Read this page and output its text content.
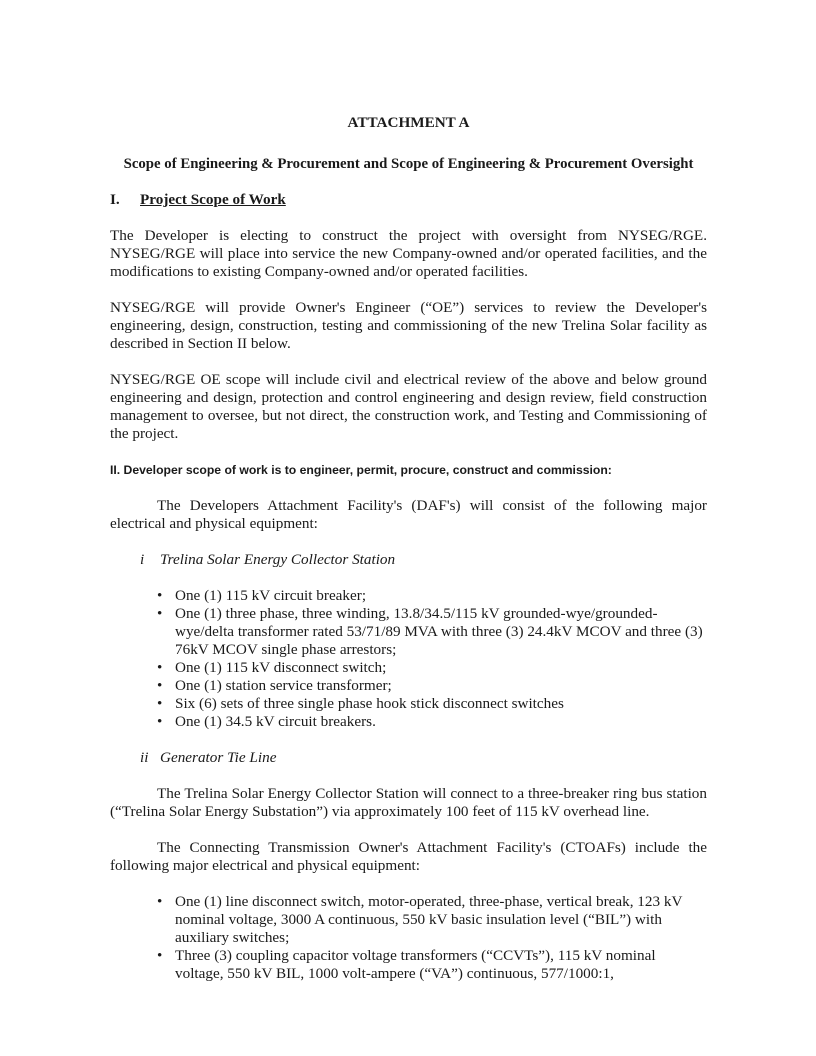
ATTACHMENT A
Scope of Engineering & Procurement and Scope of Engineering & Procurement Oversight
I. Project Scope of Work

The Developer is electing to construct the project with oversight from NYSEG/RGE. NYSEG/RGE will place into service the new Company-owned and/or operated facilities, and the modifications to existing Company-owned and/or operated facilities.

NYSEG/RGE will provide Owner's Engineer (“OE”) services to review the Developer's engineering, design, construction, testing and commissioning of the new Trelina Solar facility as described in Section II below.

NYSEG/RGE OE scope will include civil and electrical review of the above and below ground engineering and design, protection and control engineering and design review, field construction management to oversee, but not direct, the construction work, and Testing and Commissioning of the project.

II. Developer scope of work is to engineer, permit, procure, construct and commission:

The Developers Attachment Facility's (DAF's) will consist of the following major electrical and physical equipment:

i Trelina Solar Energy Collector Station
• One (1) 115 kV circuit breaker;
• One (1) three phase, three winding, 13.8/34.5/115 kV grounded-wye/grounded-wye/delta transformer rated 53/71/89 MVA with three (3) 24.4kV MCOV and three (3) 76kV MCOV single phase arrestors;
• One (1) 115 kV disconnect switch;
• One (1) station service transformer;
• Six (6) sets of three single phase hook stick disconnect switches
• One (1) 34.5 kV circuit breakers.
ii Generator Tie Line

The Trelina Solar Energy Collector Station will connect to a three-breaker ring bus station (“Trelina Solar Energy Substation”) via approximately 100 feet of 115 kV overhead line.

The Connecting Transmission Owner's Attachment Facility's (CTOAFs) include the following major electrical and physical equipment:

• One (1) line disconnect switch, motor-operated, three-phase, vertical break, 123 kV nominal voltage, 3000 A continuous, 550 kV basic insulation level (“BIL”) with auxiliary switches;
• Three (3) coupling capacitor voltage transformers (“CCVTs”), 115 kV nominal voltage, 550 kV BIL, 1000 volt-ampere (“VA”) continuous, 577/1000:1,
